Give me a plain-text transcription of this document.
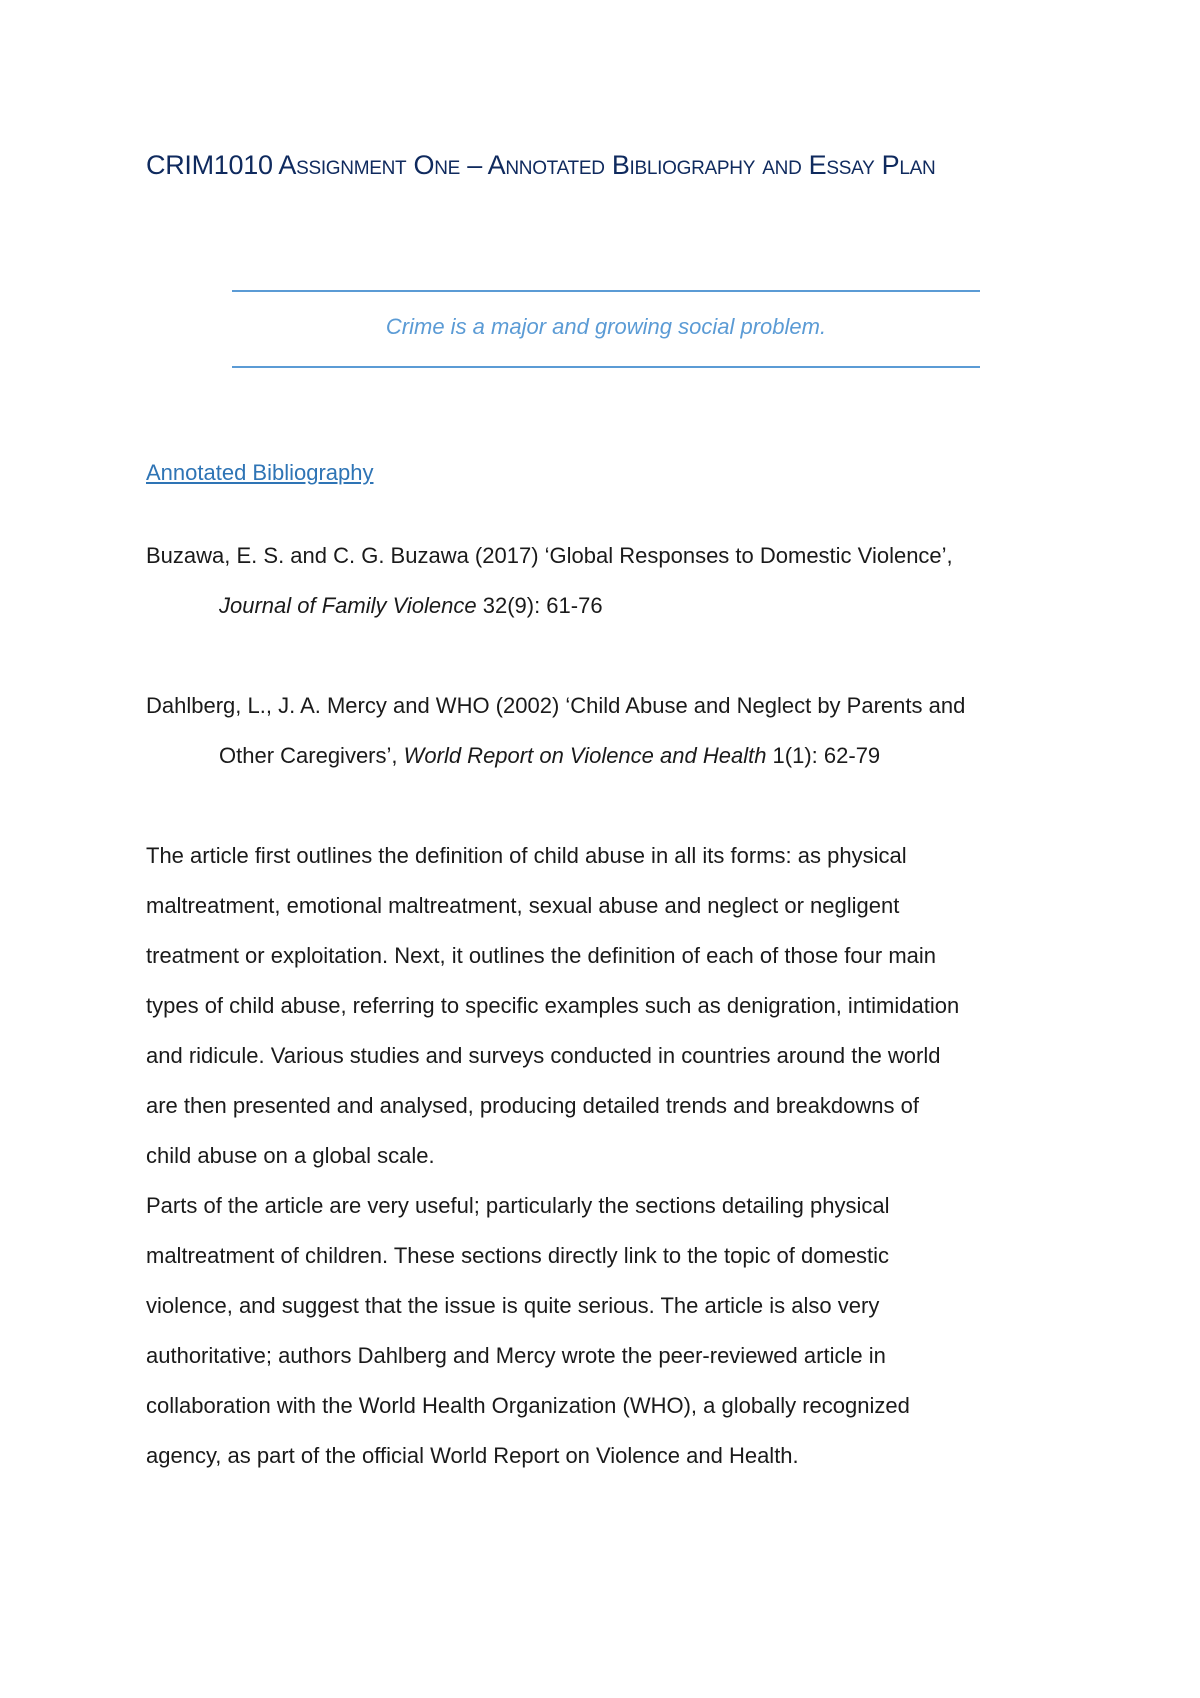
CRIM1010 Assignment One – Annotated Bibliography and Essay Plan
Crime is a major and growing social problem.
Annotated Bibliography
Buzawa, E. S. and C. G. Buzawa (2017) ‘Global Responses to Domestic Violence’,
Journal of Family Violence 32(9): 61-76
Dahlberg, L., J. A. Mercy and WHO (2002) ‘Child Abuse and Neglect by Parents and
Other Caregivers’, World Report on Violence and Health 1(1): 62-79
The article first outlines the definition of child abuse in all its forms: as physical
maltreatment, emotional maltreatment, sexual abuse and neglect or negligent
treatment or exploitation. Next, it outlines the definition of each of those four main
types of child abuse, referring to specific examples such as denigration, intimidation
and ridicule. Various studies and surveys conducted in countries around the world
are then presented and analysed, producing detailed trends and breakdowns of
child abuse on a global scale.
Parts of the article are very useful; particularly the sections detailing physical
maltreatment of children. These sections directly link to the topic of domestic
violence, and suggest that the issue is quite serious. The article is also very
authoritative; authors Dahlberg and Mercy wrote the peer-reviewed article in
collaboration with the World Health Organization (WHO), a globally recognized
agency, as part of the official World Report on Violence and Health.
